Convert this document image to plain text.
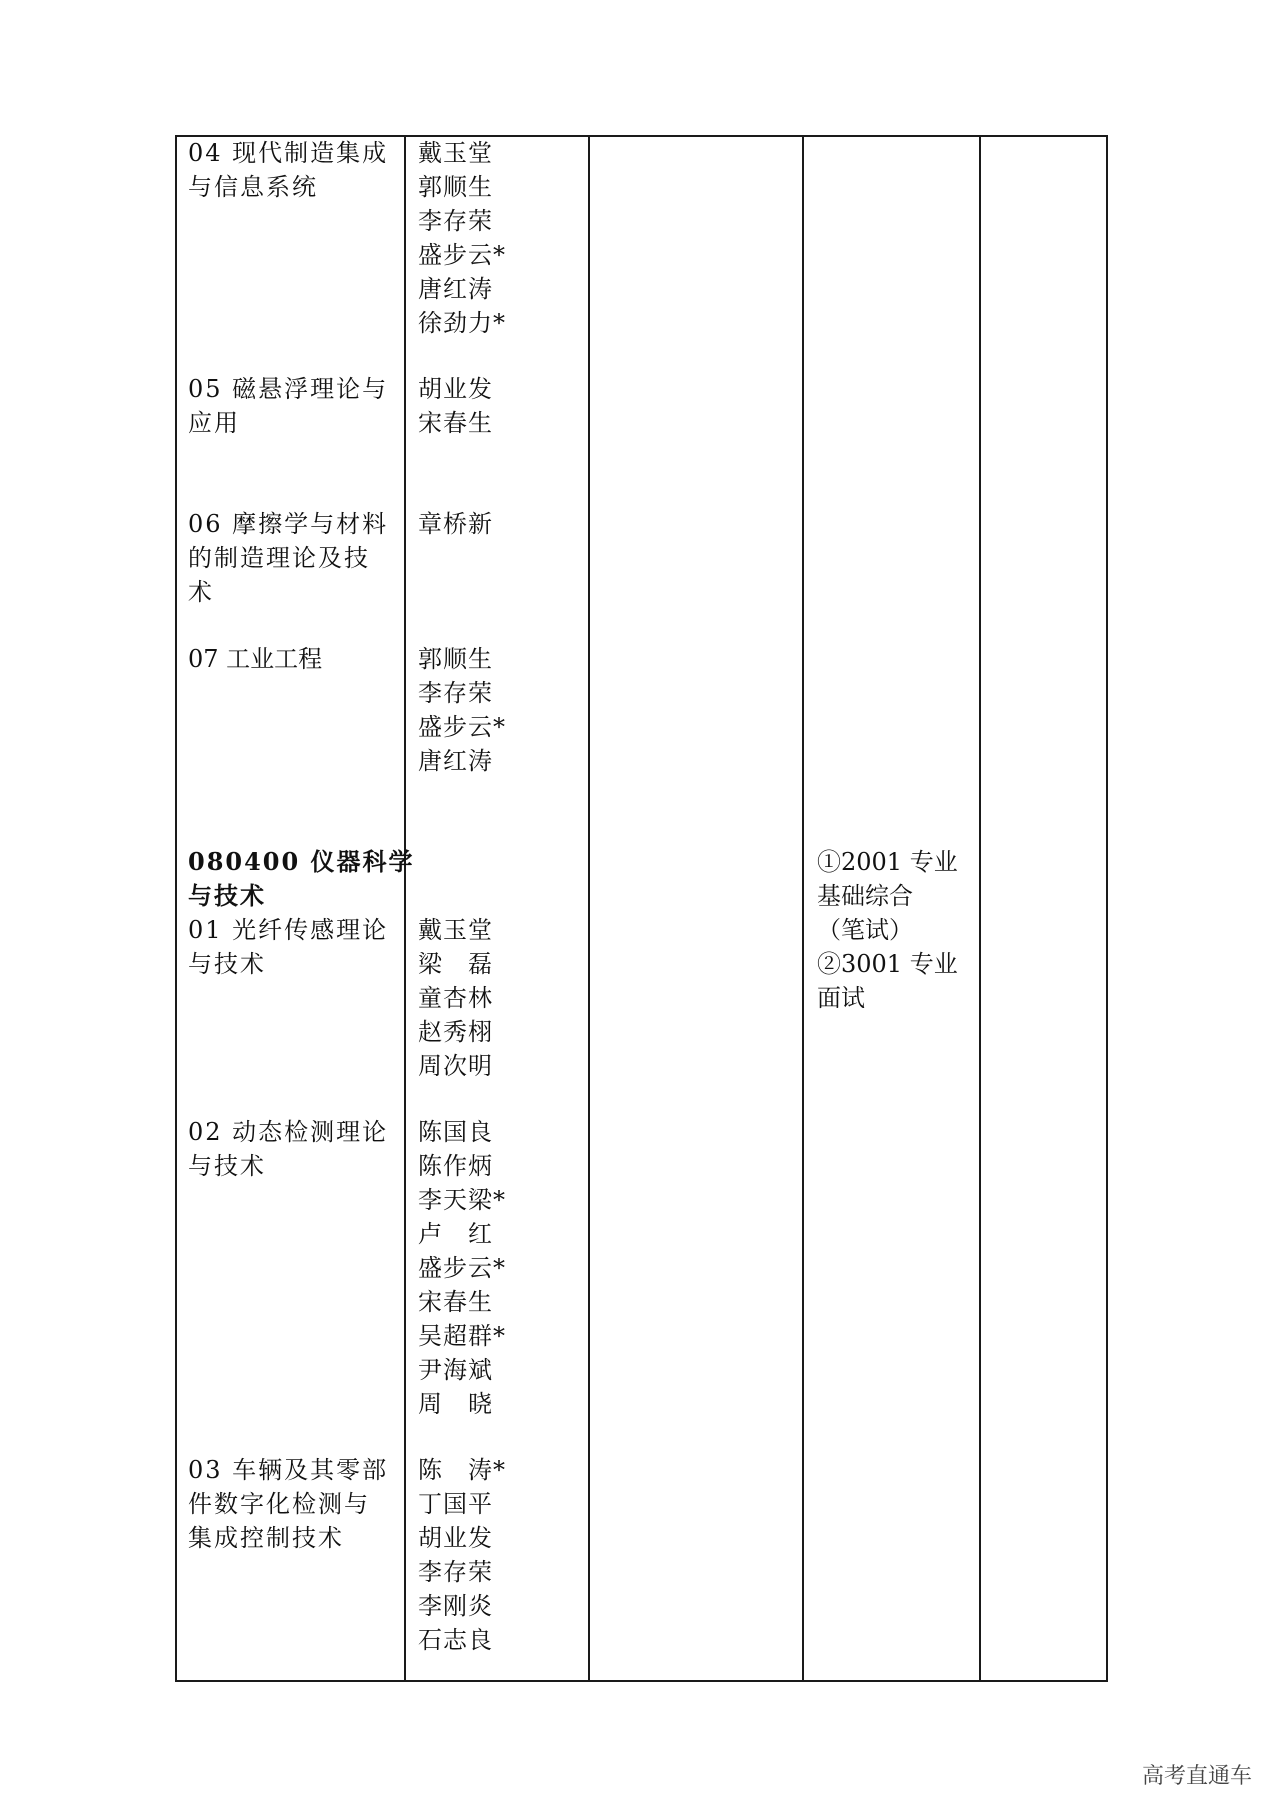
04 现代制造集成
与信息系统
戴玉堂
郭顺生
李存荣
盛步云*
唐红涛
徐劲力*
05 磁悬浮理论与
应用
胡业发
宋春生
06 摩擦学与材料
的制造理论及技
术
章桥新
07 工业工程	郭顺生
李存荣
盛步云*
唐红涛
080400 仪器科学
与技术
①2001 专业
基础综合
（笔试）
②3001 专业
面试
01 光纤传感理论
与技术
戴玉堂
梁　磊
童杏林
赵秀栩
周次明
02 动态检测理论
与技术
陈国良
陈作炳
李天梁*
卢　红
盛步云*
宋春生
吴超群*
尹海斌
周　晓
03 车辆及其零部
件数字化检测与
集成控制技术
陈　涛*
丁国平
胡业发
李存荣
李刚炎
石志良
高考直通车
